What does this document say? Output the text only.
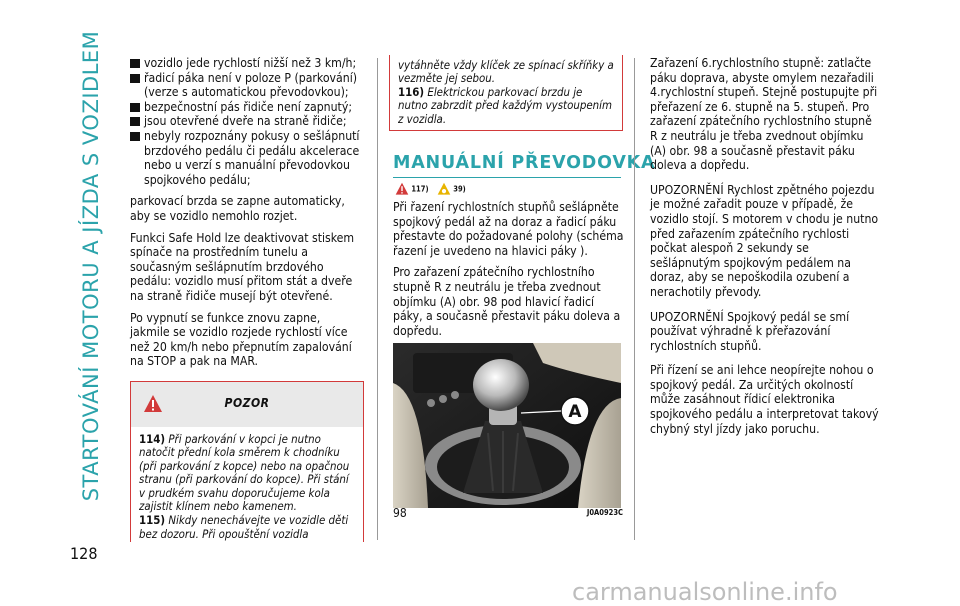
STARTOVÁNÍ MOTORU A JÍZDA S VOZIDLEM
128
vozidlo jede rychlostí nižší než 3 km/h;
řadicí páka není v poloze P (parkování) (verze s automatickou převodovkou);
bezpečnostní pás řidiče není zapnutý;
jsou otevřené dveře na straně řidiče;
nebyly rozpoznány pokusy o sešlápnutí brzdového pedálu či pedálu akcelerace nebo u verzí s manuální převodovkou spojkového pedálu;

parkovací brzda se zapne automaticky, aby se vozidlo nemohlo rozjet.

Funkci Safe Hold lze deaktivovat stiskem spínače na prostředním tunelu a současným sešlápnutím brzdového pedálu: vozidlo musí přitom stát a dveře na straně řidiče musejí být otevřené.

Po vypnutí se funkce znovu zapne, jakmile se vozidlo rozjede rychlostí více než 20 km/h nebo přepnutím zapalování na STOP a pak na MAR.

POZOR
114) Při parkování v kopci je nutno natočit přední kola směrem k chodníku (při parkování z kopce) nebo na opačnou stranu (při parkování do kopce). Při stání v prudkém svahu doporučujeme kola zajistit klínem nebo kamenem.
115) Nikdy nenechávejte ve vozidle děti bez dozoru. Při opouštění vozidla
vytáhněte vždy klíček ze spínací skříňky a vezměte jej sebou.
116) Elektrickou parkovací brzdu je nutno zabrzdit před každým vystoupením z vozidla.
MANUÁLNÍ PŘEVODOVKA
117)	39)

Při řazení rychlostních stupňů sešlápněte spojkový pedál až na doraz a řadicí páku přestavte do požadované polohy (schéma řazení je uvedeno na hlavici páky ).

Pro zařazení zpátečního rychlostního stupně R z neutrálu je třeba zvednout objímku (A) obr. 98 pod hlavicí řadicí páky, a současně přestavit páku doleva a dopředu.

A
98	J0A0923C

Zařazení 6.rychlostního stupně: zatlačte páku doprava, abyste omylem nezařadili 4.rychlostní stupeň. Stejně postupujte při přeřazení ze 6. stupně na 5. stupeň. Pro zařazení zpátečního rychlostního stupně R z neutrálu je třeba zvednout objímku (A) obr. 98 a současně přestavit páku doleva a dopředu.

UPOZORNĚNÍ Rychlost zpětného pojezdu je možné zařadit pouze v případě, že vozidlo stojí. S motorem v chodu je nutno před zařazením zpátečního rychlosti počkat alespoň 2 sekundy se sešlápnutým spojkovým pedálem na doraz, aby se nepoškodila ozubení a nerachotily převody.

UPOZORNĚNÍ Spojkový pedál se smí používat výhradně k přeřazování rychlostních stupňů.

Při řízení se ani lehce neopírejte nohou o spojkový pedál. Za určitých okolností může zasáhnout řídicí elektronika spojkového pedálu a interpretovat takový chybný styl jízdy jako poruchu.

carmanualsonline.info
